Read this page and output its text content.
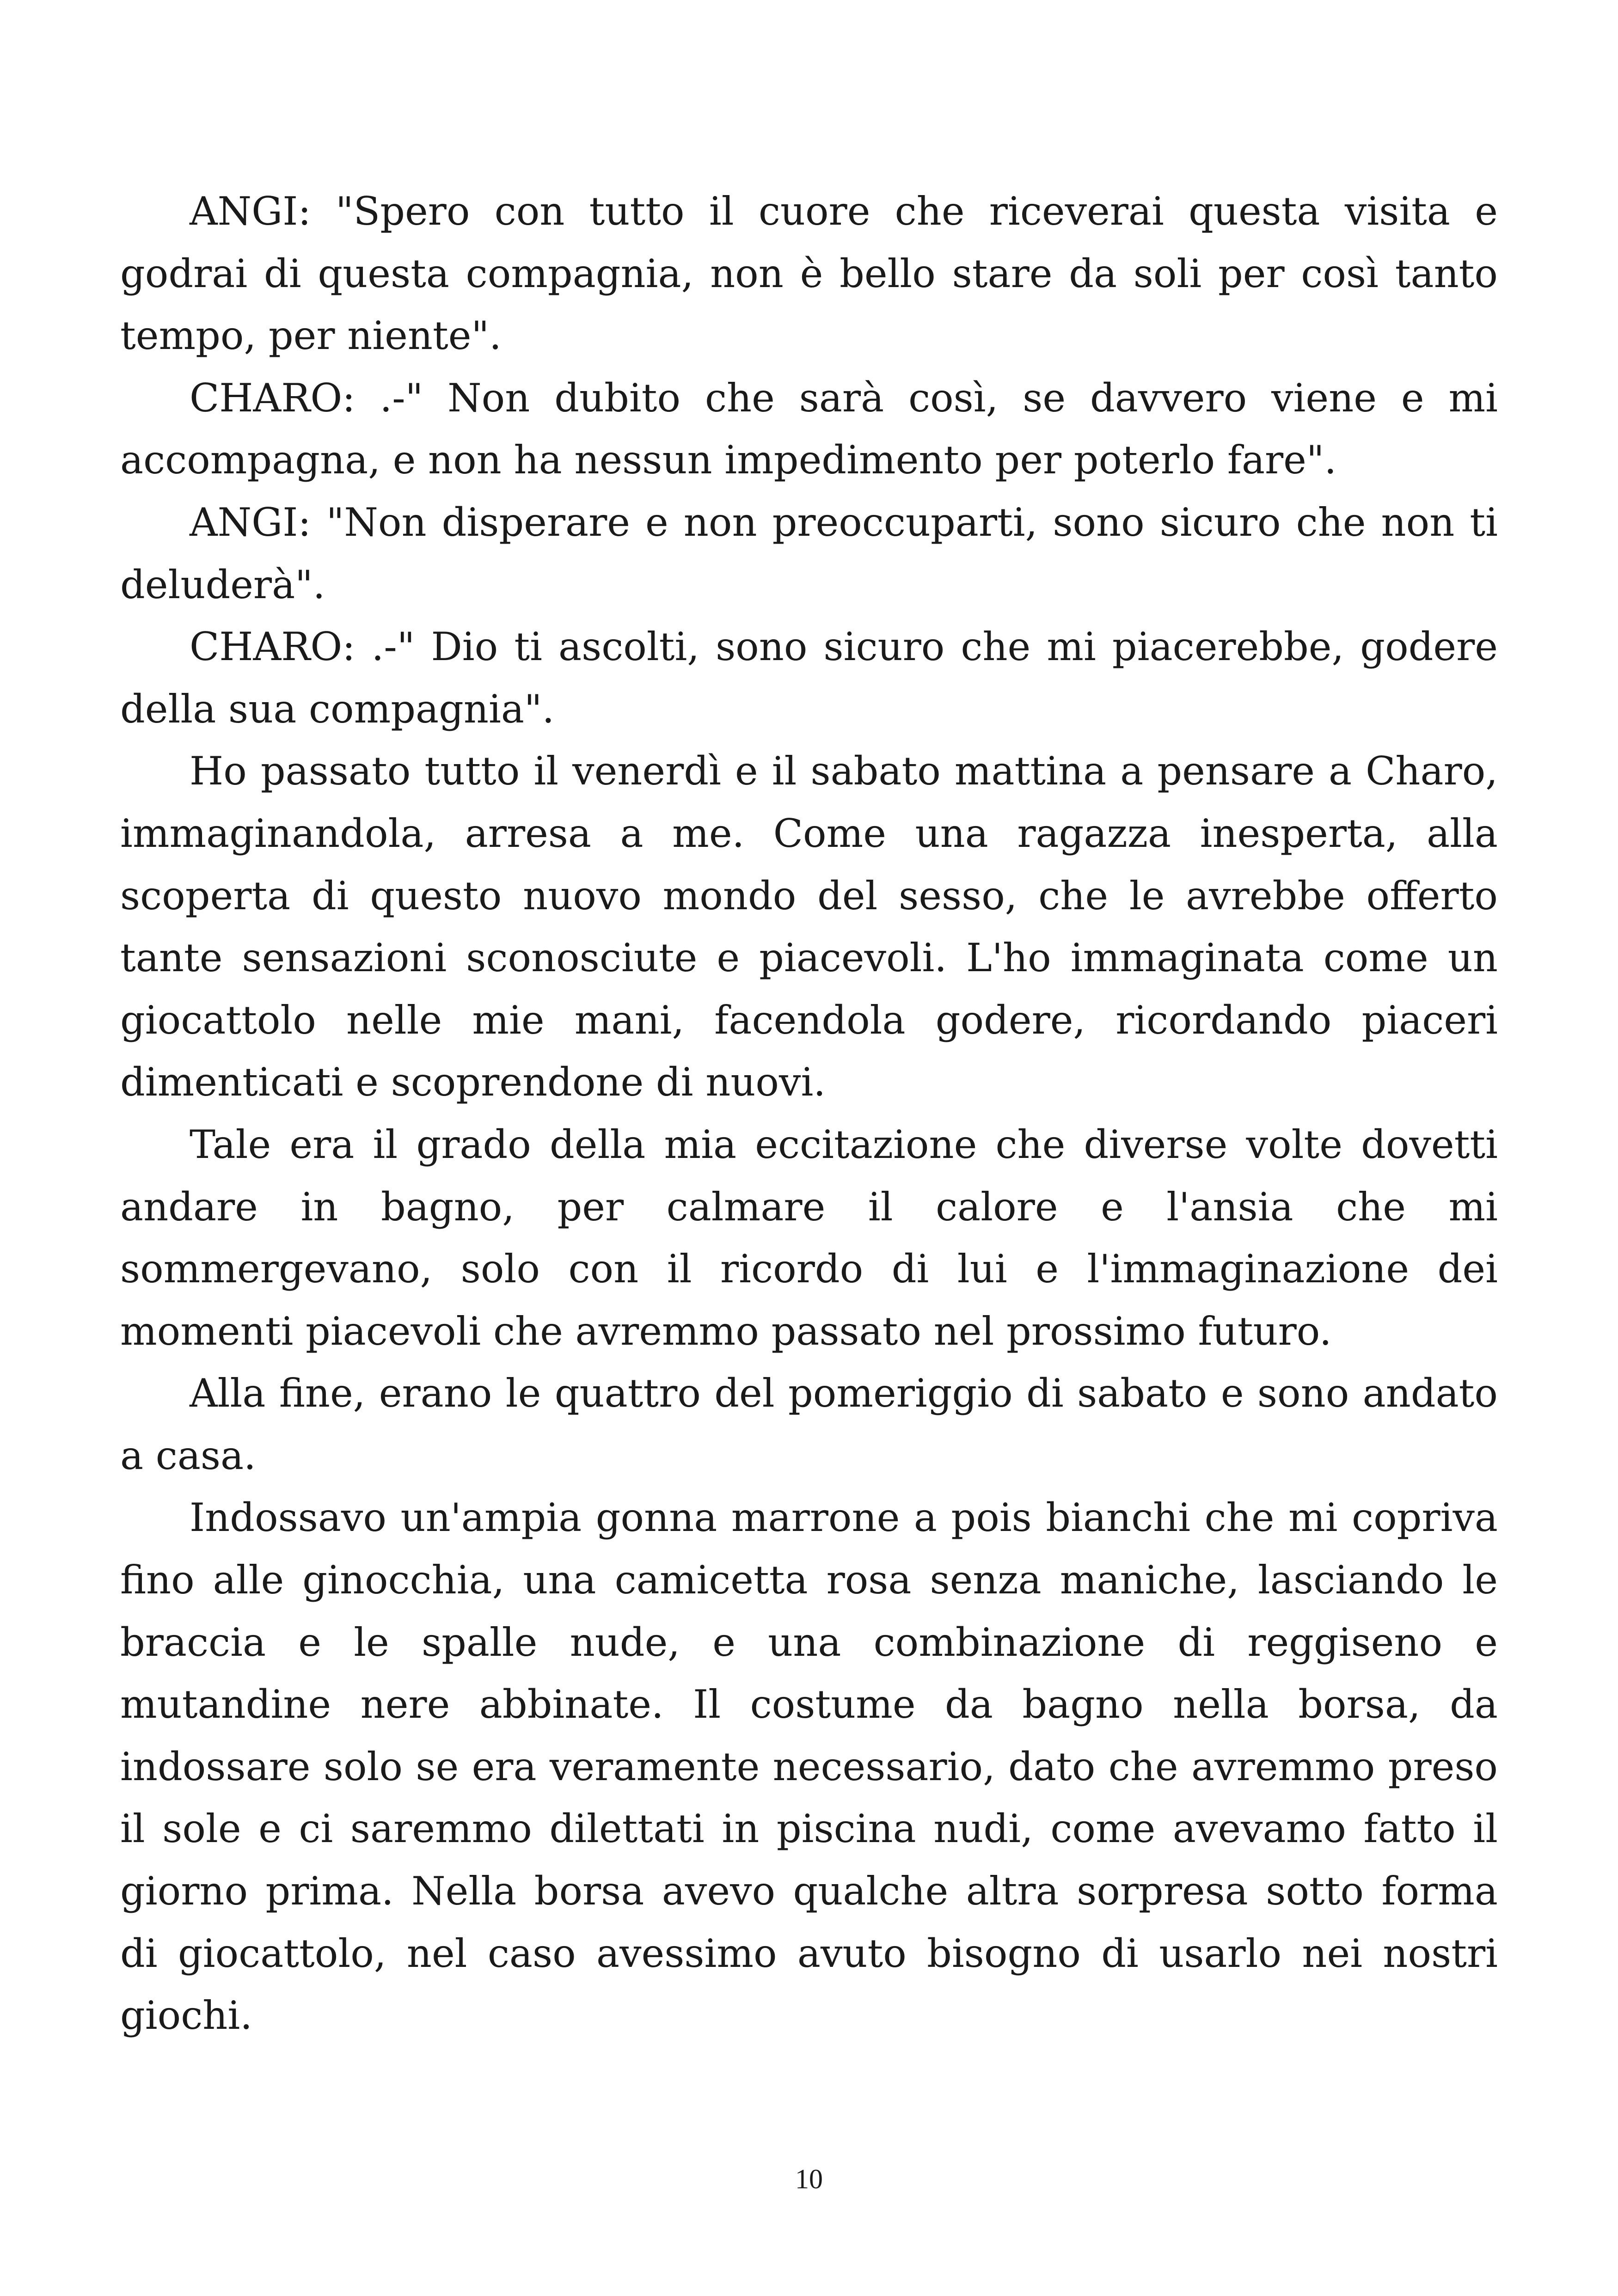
ANGI: "Spero con tutto il cuore che riceverai questa visita e godrai di questa compagnia, non è bello stare da soli per così tanto tempo, per niente".

CHARO: .-" Non dubito che sarà così, se davvero viene e mi accompagna, e non ha nessun impedimento per poterlo fare".

ANGI: "Non disperare e non preoccuparti, sono sicuro che non ti deluderà".

CHARO: .-" Dio ti ascolti, sono sicuro che mi piacerebbe, godere della sua compagnia".

Ho passato tutto il venerdì e il sabato mattina a pensare a Charo, immaginandola, arresa a me. Come una ragazza inesperta, alla scoperta di questo nuovo mondo del sesso, che le avrebbe offerto tante sensazioni sconosciute e piacevoli. L'ho immaginata come un giocattolo nelle mie mani, facendola godere, ricordando piaceri dimenticati e scoprendone di nuovi.

Tale era il grado della mia eccitazione che diverse volte dovetti andare in bagno, per calmare il calore e l'ansia che mi sommergevano, solo con il ricordo di lui e l'immaginazione dei momenti piacevoli che avremmo passato nel prossimo futuro.

Alla fine, erano le quattro del pomeriggio di sabato e sono andato a casa.

Indossavo un'ampia gonna marrone a pois bianchi che mi copriva fino alle ginocchia, una camicetta rosa senza maniche, lasciando le braccia e le spalle nude, e una combinazione di reggiseno e mutandine nere abbinate. Il costume da bagno nella borsa, da indossare solo se era veramente necessario, dato che avremmo preso il sole e ci saremmo dilettati in piscina nudi, come avevamo fatto il giorno prima. Nella borsa avevo qualche altra sorpresa sotto forma di giocattolo, nel caso avessimo avuto bisogno di usarlo nei nostri giochi.

10
